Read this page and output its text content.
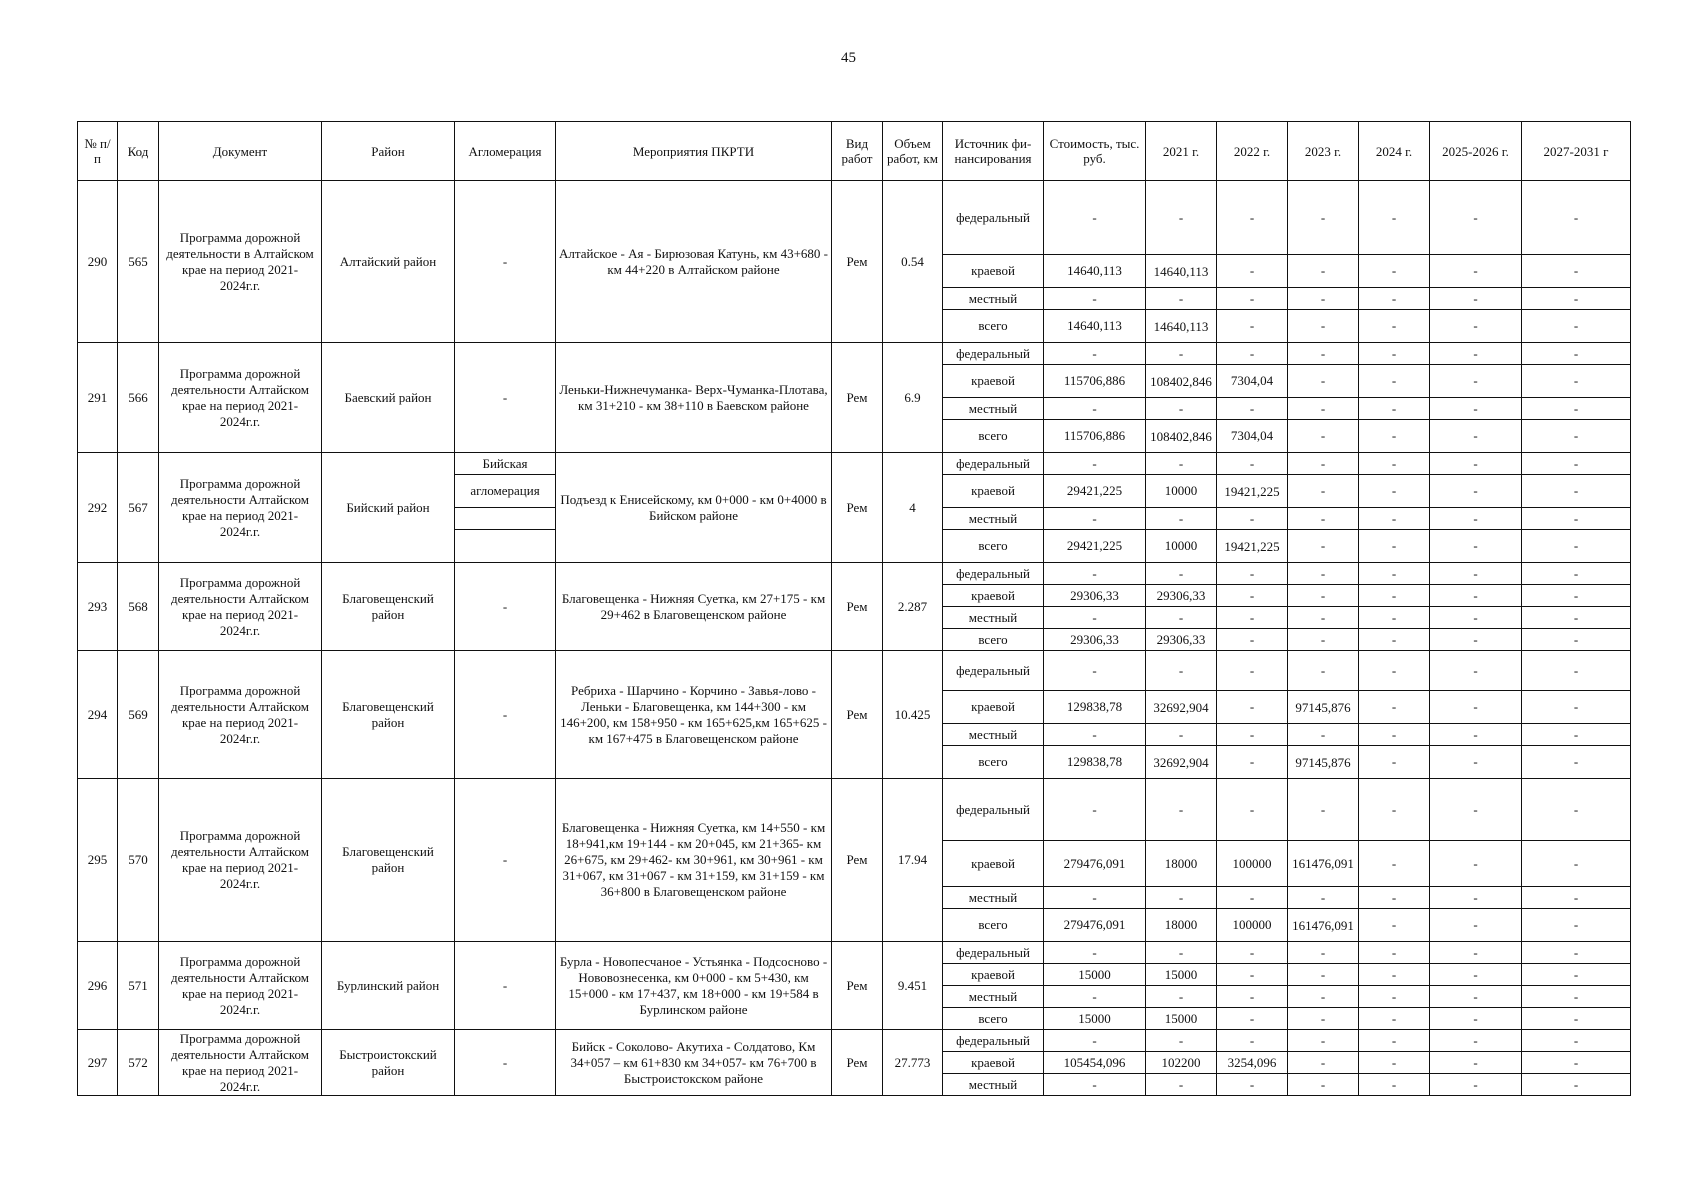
45
№ п/п	Код	Документ	Район	Агломерация	Мероприятия ПКРТИ	Вид работ	Объем работ, км	Источник фи-нансирования	Стоимость, тыс. руб.	2021 г.	2022 г.	2023 г.	2024 г.	2025-2026 г.	2027-2031 г
290	565	Программа дорожной деятельности в Алтайском крае на период 2021-2024г.г.	Алтайский район	-	Алтайское - Ая - Бирюзовая Катунь, км 43+680 - км 44+220 в Алтайском районе	Рем	0.54	федеральный	-	-	-	-	-	-	-
								краевой	14640,113	14640,113	-	-	-	-	-
								местный	-	-	-	-	-	-	-
								всего	14640,113	14640,113	-	-	-	-	-
291	566	Программа дорожной деятельности Алтайском крае на период 2021-2024г.г.	Баевский район	-	Леньки-Нижнечуманка- Верх-Чуманка-Плотава, км 31+210 - км 38+110 в Баевском районе	Рем	6.9	федеральный	-	-	-	-	-	-	-
								краевой	115706,886	108402,846	7304,04	-	-	-	-
								местный	-	-	-	-	-	-	-
								всего	115706,886	108402,846	7304,04	-	-	-	-
292	567	Программа дорожной деятельности Алтайском крае на период 2021-2024г.г.	Бийский район	Бийская	Подъезд к Енисейскому, км 0+000 - км 0+4000 в Бийском районе	Рем	4	федеральный	-	-	-	-	-	-	-
				агломерация				краевой	29421,225	10000	19421,225	-	-	-	-
								местный	-	-	-	-	-	-	-
								всего	29421,225	10000	19421,225	-	-	-	-
293	568	Программа дорожной деятельности Алтайском крае на период 2021-2024г.г.	Благовещенский район	-	Благовещенка - Нижняя Суетка, км 27+175 - км 29+462 в Благовещенском районе	Рем	2.287	федеральный	-	-	-	-	-	-	-
								краевой	29306,33	29306,33	-	-	-	-	-
								местный	-	-	-	-	-	-	-
								всего	29306,33	29306,33	-	-	-	-	-
294	569	Программа дорожной деятельности Алтайском крае на период 2021-2024г.г.	Благовещенский район	-	Ребриха - Шарчино - Корчино - Завья-лово - Леньки - Благовещенка, км 144+300 - км 146+200, км 158+950 - км 165+625,км 165+625 - км 167+475 в Благовещенском районе	Рем	10.425	федеральный	-	-	-	-	-	-	-
								краевой	129838,78	32692,904	-	97145,876	-	-	-
								местный	-	-	-	-	-	-	-
								всего	129838,78	32692,904	-	97145,876	-	-	-
295	570	Программа дорожной деятельности Алтайском крае на период 2021-2024г.г.	Благовещенский район	-	Благовещенка - Нижняя Суетка, км 14+550 - км 18+941,км 19+144 - км 20+045, км 21+365- км 26+675, км 29+462- км 30+961, км 30+961 - км 31+067, км 31+067 - км 31+159, км 31+159 - км 36+800 в Благовещенском районе	Рем	17.94	федеральный	-	-	-	-	-	-	-
								краевой	279476,091	18000	100000	161476,091	-	-	-
								местный	-	-	-	-	-	-	-
								всего	279476,091	18000	100000	161476,091	-	-	-
296	571	Программа дорожной деятельности Алтайском крае на период 2021-2024г.г.	Бурлинский район	-	Бурла - Новопесчаное - Устьянка - Подсосново - Нововознесенка, км 0+000 - км 5+430, км 15+000 - км 17+437, км 18+000 - км 19+584 в Бурлинском районе	Рем	9.451	федеральный	-	-	-	-	-	-	-
								краевой	15000	15000	-	-	-	-	-
								местный	-	-	-	-	-	-	-
								всего	15000	15000	-	-	-	-	-
297	572	Программа дорожной деятельности Алтайском крае на период 2021-2024г.г.	Быстроистокский район	-	Бийск - Соколово- Акутиха - Солдатово, Км 34+057 – км 61+830 км 34+057- км 76+700 в Быстроистокском районе	Рем	27.773	федеральный	-	-	-	-	-	-	-
								краевой	105454,096	102200	3254,096	-	-	-	-
								местный	-	-	-	-	-	-	-
